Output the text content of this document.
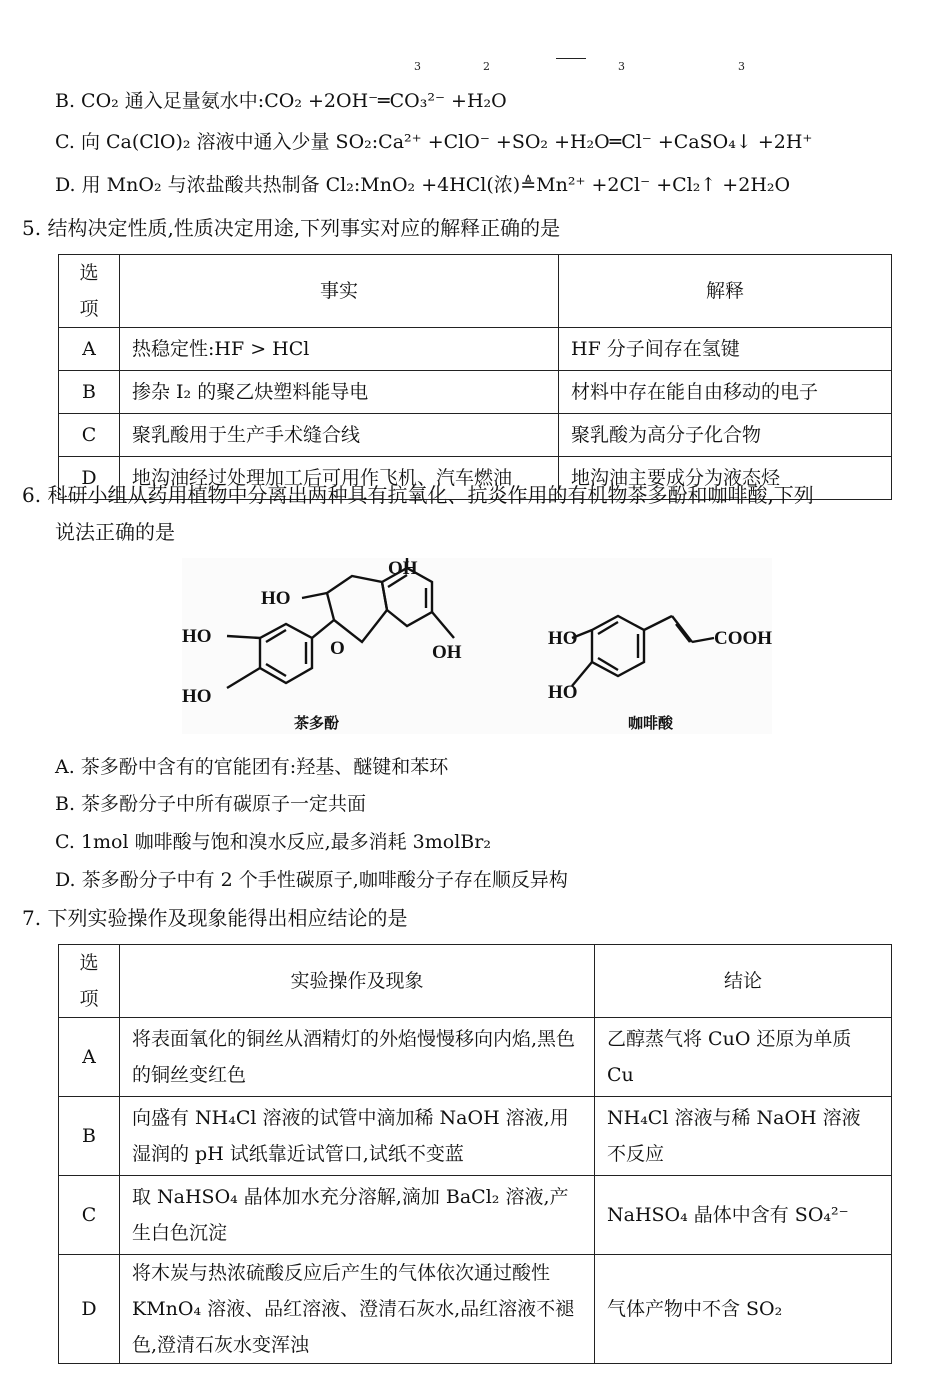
3	2	3	3
B. CO₂ 通入足量氨水中:CO₂ +2OH⁻═CO₃²⁻ +H₂O
C. 向 Ca(ClO)₂ 溶液中通入少量 SO₂:Ca²⁺ +ClO⁻ +SO₂ +H₂O═Cl⁻ +CaSO₄↓ +2H⁺
D. 用 MnO₂ 与浓盐酸共热制备 Cl₂:MnO₂ +4HCl(浓)≜Mn²⁺ +2Cl⁻ +Cl₂↑ +2H₂O
5. 结构决定性质,性质决定用途,下列事实对应的解释正确的是
选项	事实	解释
A	热稳定性:HF > HCl	HF 分子间存在氢键
B	掺杂 I₂ 的聚乙炔塑料能导电	材料中存在能自由移动的电子
C	聚乳酸用于生产手术缝合线	聚乳酸为高分子化合物
D	地沟油经过处理加工后可用作飞机、汽车燃油	地沟油主要成分为液态烃
6. 科研小组从药用植物中分离出两种具有抗氧化、抗炎作用的有机物茶多酚和咖啡酸,下列
说法正确的是
OH
HO
HO
O	OH
HO
HO
HO
COOH
茶多酚	咖啡酸
A. 茶多酚中含有的官能团有:羟基、醚键和苯环
B. 茶多酚分子中所有碳原子一定共面
C. 1mol 咖啡酸与饱和溴水反应,最多消耗 3molBr₂
D. 茶多酚分子中有 2 个手性碳原子,咖啡酸分子存在顺反异构
7. 下列实验操作及现象能得出相应结论的是
选项	实验操作及现象	结论
A	将表面氧化的铜丝从酒精灯的外焰慢慢移向内焰,黑色的铜丝变红色	乙醇蒸气将 CuO 还原为单质 Cu
B	向盛有 NH₄Cl 溶液的试管中滴加稀 NaOH 溶液,用湿润的 pH 试纸靠近试管口,试纸不变蓝	NH₄Cl 溶液与稀 NaOH 溶液不反应
C	取 NaHSO₄ 晶体加水充分溶解,滴加 BaCl₂ 溶液,产生白色沉淀	NaHSO₄ 晶体中含有 SO₄²⁻
D	将木炭与热浓硫酸反应后产生的气体依次通过酸性 KMnO₄ 溶液、品红溶液、澄清石灰水,品红溶液不褪色,澄清石灰水变浑浊	气体产物中不含 SO₂
